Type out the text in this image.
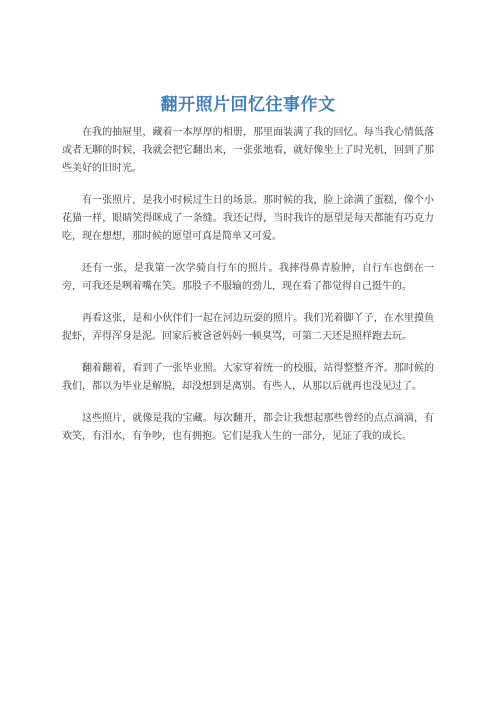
翻开照片回忆往事作文

在我的抽屉里，藏着一本厚厚的相册，那里面装满了我的回忆。每当我心情低落或者无聊的时候，我就会把它翻出来，一张张地看，就好像坐上了时光机，回到了那些美好的旧时光。

有一张照片，是我小时候过生日的场景。那时候的我，脸上涂满了蛋糕，像个小花猫一样，眼睛笑得眯成了一条缝。我还记得，当时我许的愿望是每天都能有巧克力吃，现在想想，那时候的愿望可真是简单又可爱。

还有一张，是我第一次学骑自行车的照片。我摔得鼻青脸肿，自行车也倒在一旁，可我还是咧着嘴在笑。那股子不服输的劲儿，现在看了都觉得自己挺牛的。

再看这张，是和小伙伴们一起在河边玩耍的照片。我们光着脚丫子，在水里摸鱼捉虾，弄得浑身是泥。回家后被爸爸妈妈一顿臭骂，可第二天还是照样跑去玩。

翻着翻着，看到了一张毕业照。大家穿着统一的校服，站得整整齐齐。那时候的我们，都以为毕业是解脱，却没想到是离别。有些人，从那以后就再也没见过了。

这些照片，就像是我的宝藏。每次翻开，都会让我想起那些曾经的点点滴滴，有欢笑，有泪水，有争吵，也有拥抱。它们是我人生的一部分，见证了我的成长。
